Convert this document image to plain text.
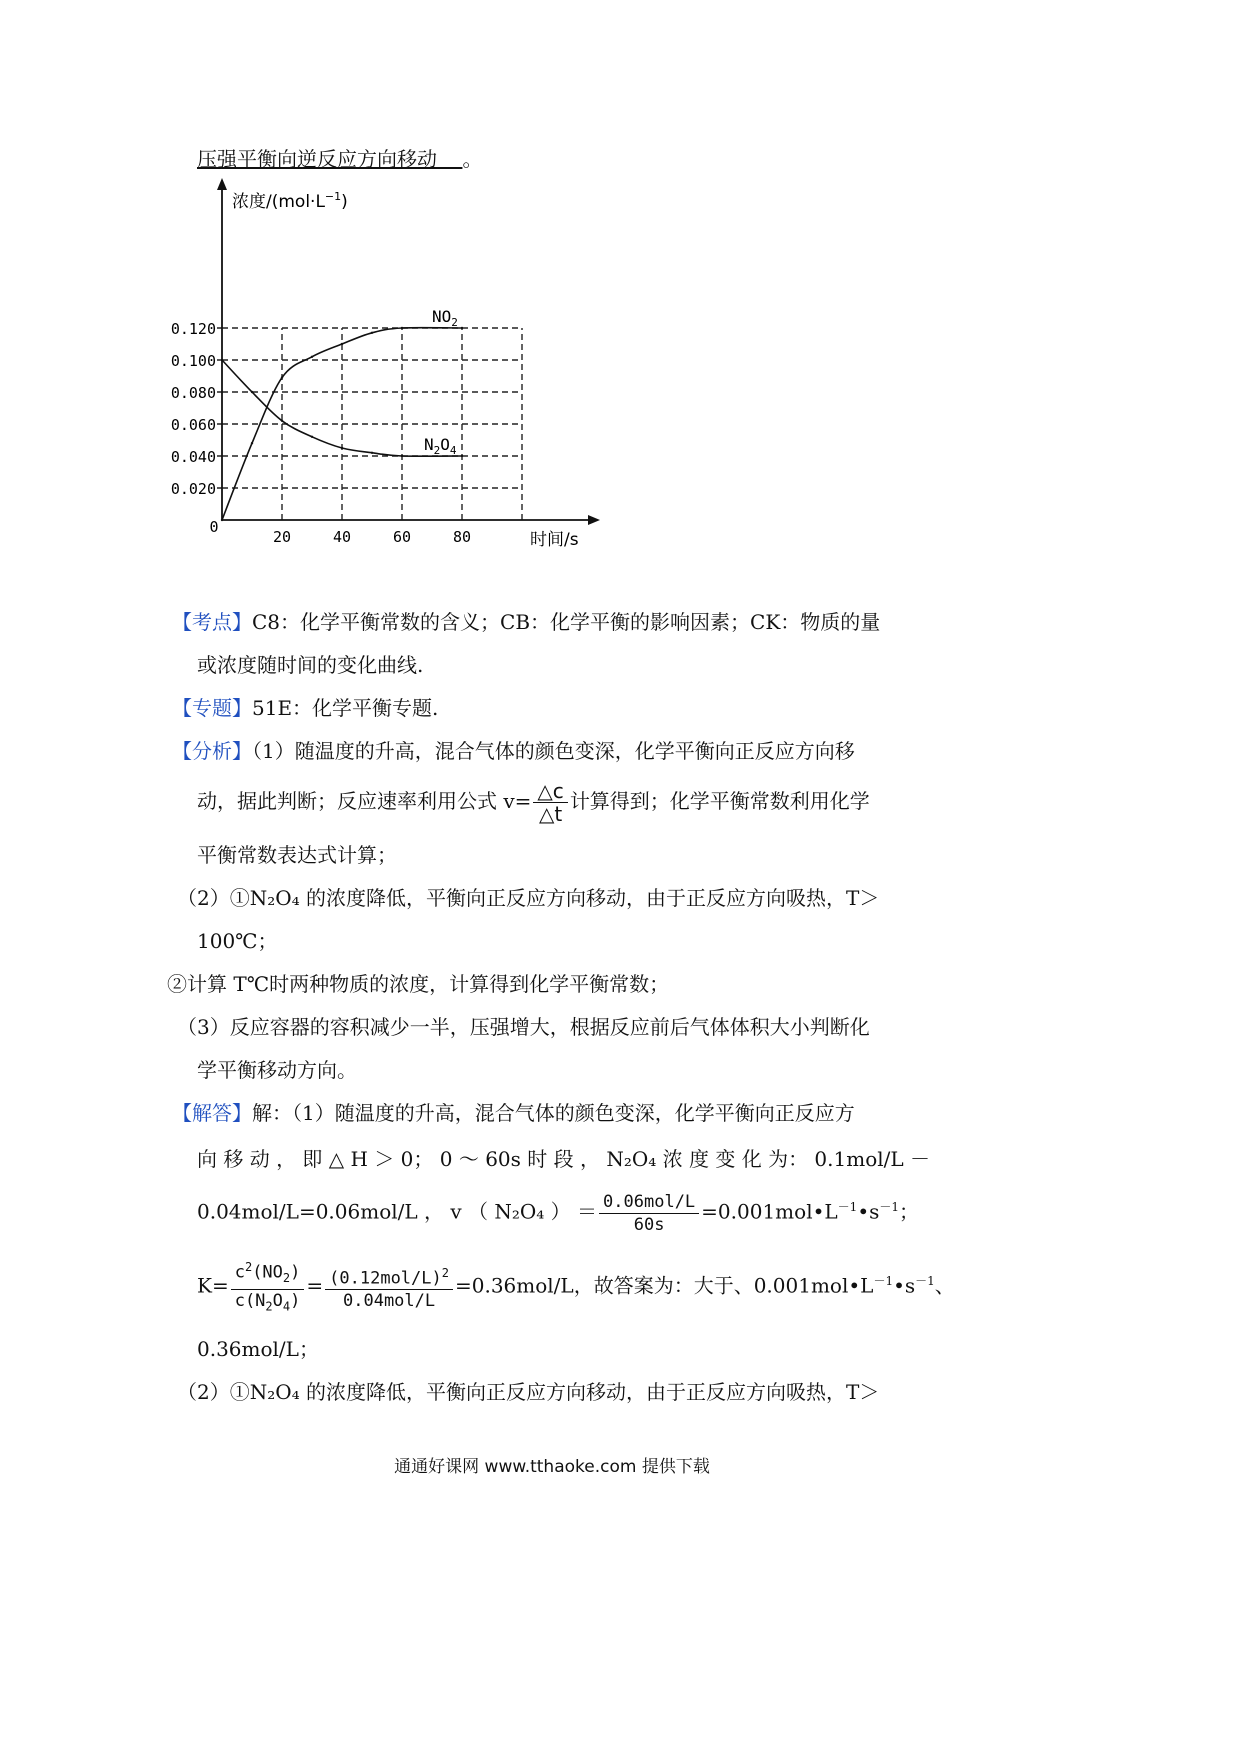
压强平衡向逆反应方向移动 。
0.120
0.100
0.080
0.060
0.040
0.020
20	40	60	80
0
浓度$/(mol\cdot L^{-1})$
时间/s
$NO_2$
$N_2O_4$
【考点】C8：化学平衡常数的含义；CB：化学平衡的影响因素；CK：物质的量
或浓度随时间的变化曲线.
【专题】51E：化学平衡专题.
【分析】（1）随温度的升高，混合气体的颜色变深，化学平衡向正反应方向移
动，据此判断；反应速率利用公式 $v= \frac{\triangle c}{\triangle t}$ 计算得到；化学平衡常数利用化学
平衡常数表达式计算；
（2）①N₂O₄ 的浓度降低，平衡向正反应方向移动，由于正反应方向吸热，T＞
100℃；
②计算 T℃时两种物质的浓度，计算得到化学平衡常数；
（3）反应容器的容积减少一半，压强增大，根据反应前后气体体积大小判断化
学平衡移动方向。
【解答】解：（1）随温度的升高，混合气体的颜色变深，化学平衡向正反应方
向 移 动 ， 即 △ H ＞ 0； 0 ～ 60s 时 段 ， N₂O₄ 浓 度 变 化 为： 0.1mol/L －
0.04mol/L=0.06mol/L ， v （ N₂O₄ ） ＝ $\frac{\text{0.06mol/L}}{60s}$ $=0.001mol•L^{-1}•s^{-1}$；
$K= \frac{c^2(NO_2)}{c(N_2O_4)} = \frac{(0.12mol/L)^2}{\text{0.04mol/L}} =0.36mol/L$，故答案为：大于、$0.001mol•L^{-1}•s^{-1}$、
0.36mol/L；
（2）①N₂O₄ 的浓度降低，平衡向正反应方向移动，由于正反应方向吸热，T＞
通通好课网 www.tthaoke.com 提供下载
